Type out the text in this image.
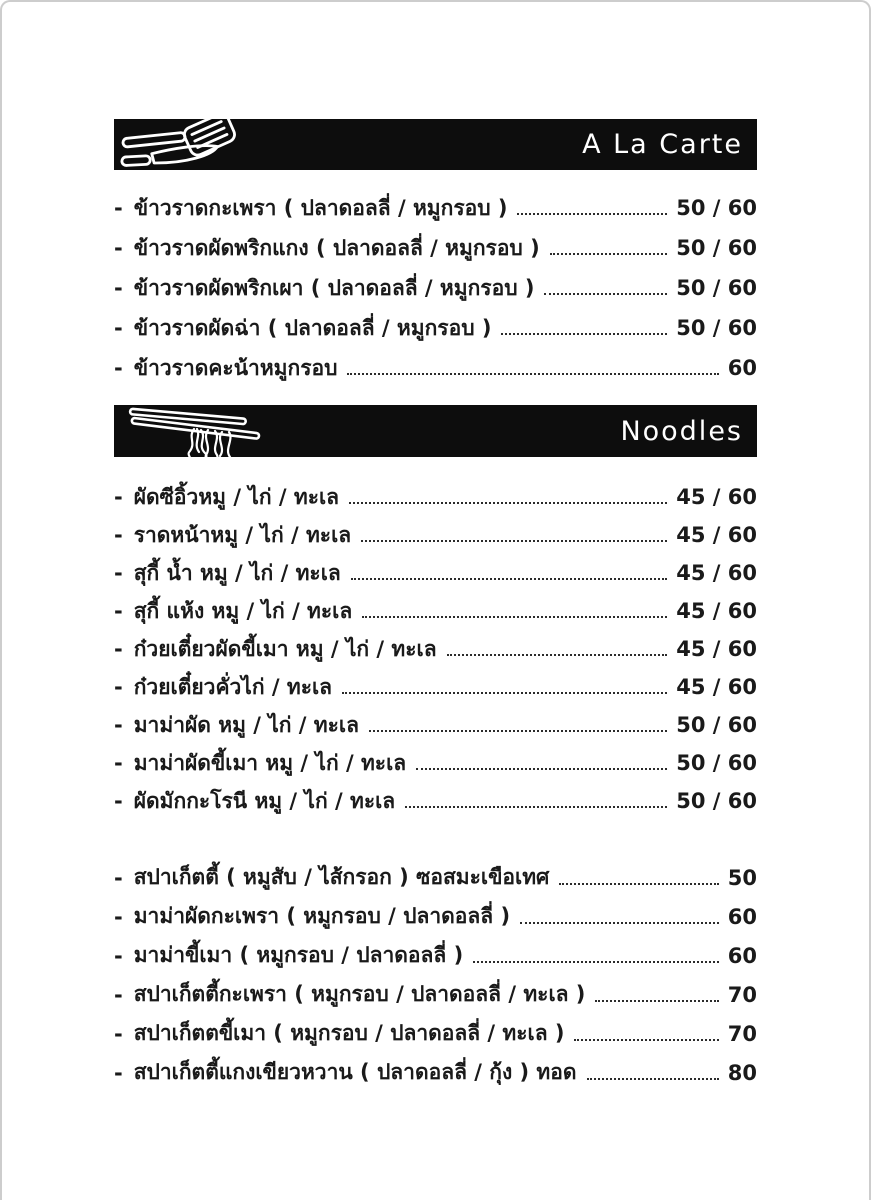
A La Carte
- ข้าวราดกะเพรา ( ปลาดอลลี่ / หมูกรอบ )	50 / 60
- ข้าวราดผัดพริกแกง ( ปลาดอลลี่ / หมูกรอบ )	50 / 60
- ข้าวราดผัดพริกเผา ( ปลาดอลลี่ / หมูกรอบ )	50 / 60
- ข้าวราดผัดฉ่า ( ปลาดอลลี่ / หมูกรอบ )	50 / 60
- ข้าวราดคะน้าหมูกรอบ	60
Noodles
- ผัดซีอิ้วหมู / ไก่ / ทะเล	45 / 60
- ราดหน้าหมู / ไก่ / ทะเล	45 / 60
- สุกี้ น้ำ หมู / ไก่ / ทะเล	45 / 60
- สุกี้ แห้ง หมู / ไก่ / ทะเล	45 / 60
- ก๋วยเตี๋ยวผัดขี้เมา หมู / ไก่ / ทะเล	45 / 60
- ก๋วยเตี๋ยวคั่วไก่ / ทะเล	45 / 60
- มาม่าผัด หมู / ไก่ / ทะเล	50 / 60
- มาม่าผัดขี้เมา หมู / ไก่ / ทะเล	50 / 60
- ผัดมักกะโรนี หมู / ไก่ / ทะเล	50 / 60
- สปาเก็ตตี้ ( หมูสับ / ไส้กรอก ) ซอสมะเขือเทศ	50
- มาม่าผัดกะเพรา ( หมูกรอบ / ปลาดอลลี่ )	60
- มาม่าขี้เมา ( หมูกรอบ / ปลาดอลลี่ )	60
- สปาเก็ตตี้กะเพรา ( หมูกรอบ / ปลาดอลลี่ / ทะเล )	70
- สปาเก็ตตขี้เมา ( หมูกรอบ / ปลาดอลลี่ / ทะเล )	70
- สปาเก็ตตี้แกงเขียวหวาน ( ปลาดอลลี่ / กุ้ง ) ทอด	80
